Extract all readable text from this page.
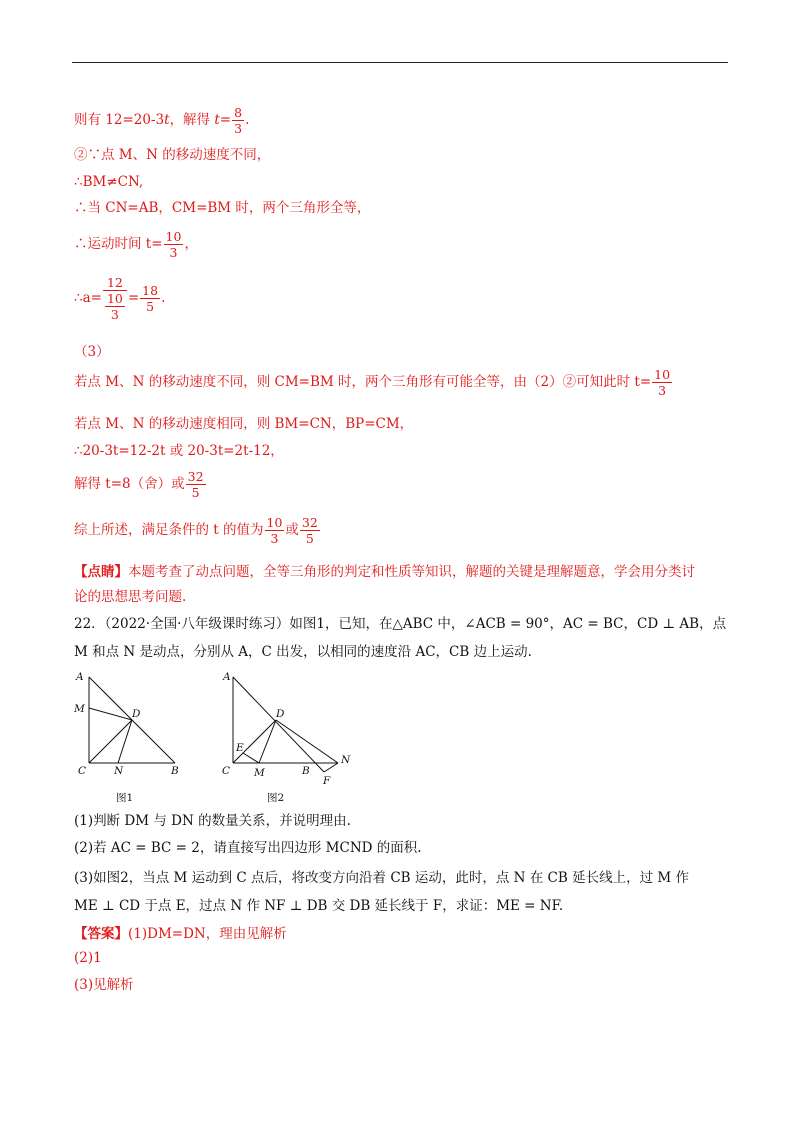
则有 12=20-3t，解得 $t= \frac{8}{3}$ .
②∵点 M、N 的移动速度不同，
∴BM≠CN,
∴当 CN=AB，CM=BM 时，两个三角形全等，
∴运动时间 $t= \frac{10}{3}$ ，
∴a= $\frac{12}{\frac{10}{3}} = \frac{18}{5}$ .
（3）
若点 M、N 的移动速度不同，则 CM=BM 时，两个三角形有可能全等，由（2）②可知此时 $t= \frac{10}{3}$
若点 M、N 的移动速度相同，则 BM=CN，BP=CM，
∴20-3t=12-2t 或 20-3t=2t-12，
解得 t=8（舍）或 $\frac{32}{5}$
综上所述，满足条件的 t 的值为 $\frac{10}{3}$ 或 $\frac{32}{5}$
【点睛】本题考查了动点问题，全等三角形的判定和性质等知识，解题的关键是理解题意，学会用分类讨
论的思想思考问题.
22．（2022·全国·八年级课时练习）如图1，已知，在△ABC 中，∠ACB = 90°，AC = BC，CD ⊥ AB，点
M 和点 N 是动点，分别从 A，C 出发，以相同的速度沿 AC，CB 边上运动.
A
M	D
C	N	B
图1
A
D
E
C M	B
N
F
图2
(1)判断 DM 与 DN 的数量关系，并说明理由.
(2)若 AC = BC = 2，请直接写出四边形 MCND 的面积.
(3)如图2，当点 M 运动到 C 点后，将改变方向沿着 CB 运动，此时，点 N 在 CB 延长线上，过 M 作
ME ⊥ CD 于点 E，过点 N 作 NF ⊥ DB 交 DB 延长线于 F，求证：ME = NF.
【答案】(1)DM=DN，理由见解析
(2)1
(3)见解析
